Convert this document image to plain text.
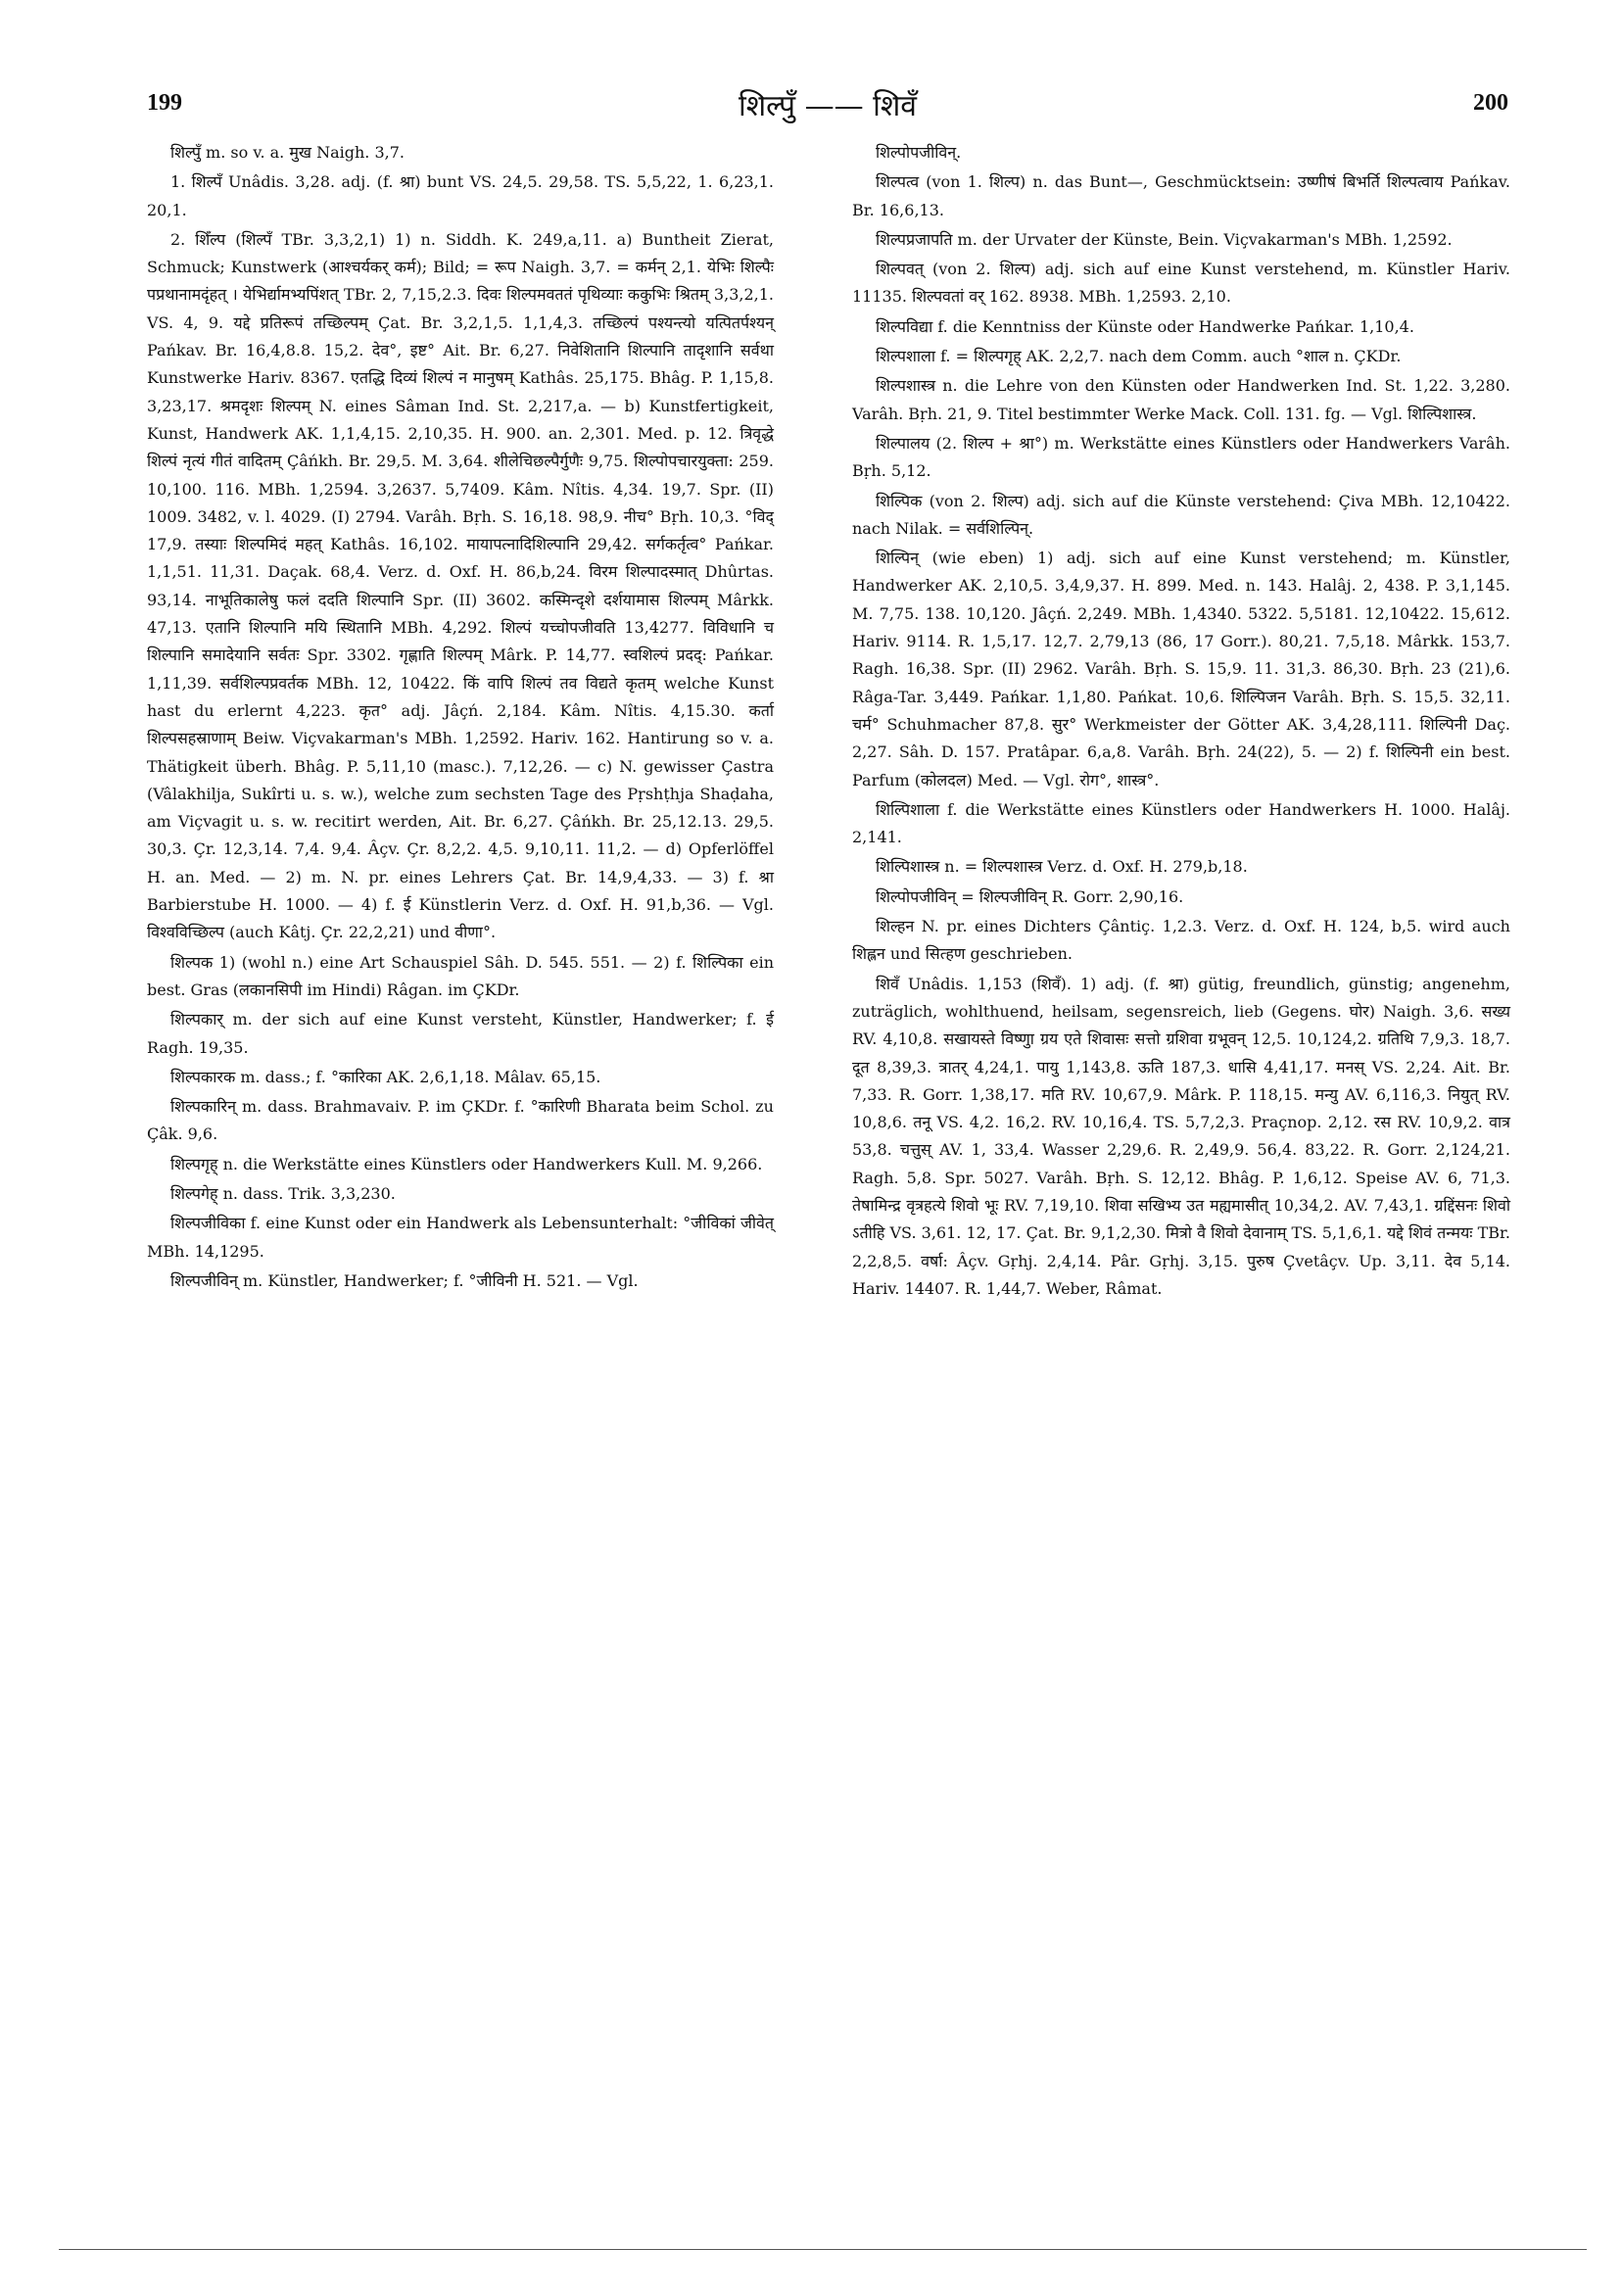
199	शिल्पुँ —— शिवँ	200

शिल्पुँ m. so v. a. मुख Naigh. 3,7.

1. शिल्पँ Unâdis. 3,28. adj. (f. श्रा) bunt VS. 24,5. 29,58. TS. 5,5,22, 1. 6,23,1. 20,1.

2. शिँल्प (शिल्पँ TBr. 3,3,2,1) 1) n. Siddh. K. 249,a,11. a) Buntheit Zierat, Schmuck; Kunstwerk (आश्चर्यकर् कर्म); Bild; = रूप Naigh. 3,7. = कर्मन् 2,1. येभिः शिल्पैः पप्रथानामदृंहत् । येभिर्द्यामभ्यपिंशत् TBr. 2, 7,15,2.3. दिवः शिल्पमवततं पृथिव्याः ककुभिः श्रितम् 3,3,2,1. VS. 4, 9. यद्दे प्रतिरूपं तच्छिल्पम् Çat. Br. 3,2,1,5. 1,1,4,3. तच्छिल्पं पश्यन्त्यो यत्पितर्पश्यन् Pańkav. Br. 16,4,8.8. 15,2. देव°, इष्ट° Ait. Br. 6,27. निवेशितानि शिल्पानि तादृशानि सर्वथा Kunstwerke Hariv. 8367. एतद्धि दिव्यं शिल्पं न मानुषम् Kathâs. 25,175. Bhâg. P. 1,15,8. 3,23,17. श्रमदृशः शिल्पम् N. eines Sâman Ind. St. 2,217,a. — b) Kunstfertigkeit, Kunst, Handwerk AK. 1,1,4,15. 2,10,35. H. 900. an. 2,301. Med. p. 12. त्रिवृद्धे शिल्पं नृत्यं गीतं वादितम् Çâńkh. Br. 29,5. M. 3,64. शीलेचिछल्पैर्गुणैः 9,75. शिल्पोपचारयुक्ता: 259. 10,100. 116. MBh. 1,2594. 3,2637. 5,7409. Kâm. Nîtis. 4,34. 19,7. Spr. (II) 1009. 3482, v. l. 4029. (I) 2794. Varâh. Bṛh. S. 16,18. 98,9. नीच° Bṛh. 10,3. °विद् 17,9. तस्याः शिल्पमिदं महत् Kathâs. 16,102. मायापत्नादिशिल्पानि 29,42. सर्गकर्तृत्व° Pańkar. 1,1,51. 11,31. Daçak. 68,4. Verz. d. Oxf. H. 86,b,24. विरम शिल्पादस्मात् Dhûrtas. 93,14. नाभूतिकालेषु फलं ददति शिल्पानि Spr. (II) 3602. कस्मिन्दृशे दर्शयामास शिल्पम् Mârkk. 47,13. एतानि शिल्पानि मयि स्थितानि MBh. 4,292. शिल्पं यच्चोपजीवति 13,4277. विविधानि च शिल्पानि समादेयानि सर्वतः Spr. 3302. गृह्णाति शिल्पम् Mârk. P. 14,77. स्वशिल्पं प्रदद्: Pańkar. 1,11,39. सर्वशिल्पप्रवर्तक MBh. 12, 10422. किं वापि शिल्पं तव विद्यते कृतम् welche Kunst hast du erlernt 4,223. कृत° adj. Jâçń. 2,184. Kâm. Nîtis. 4,15.30. कर्ता शिल्पसहस्राणाम् Beiw. Viçvakarman's MBh. 1,2592. Hariv. 162. Hantirung so v. a. Thätigkeit überh. Bhâg. P. 5,11,10 (masc.). 7,12,26. — c) N. gewisser Çastra (Vâlakhilja, Sukîrti u. s. w.), welche zum sechsten Tage des Pṛshṭhja Shaḍaha, am Viçvagit u. s. w. recitirt werden, Ait. Br. 6,27. Çâńkh. Br. 25,12.13. 29,5. 30,3. Çr. 12,3,14. 7,4. 9,4. Âçv. Çr. 8,2,2. 4,5. 9,10,11. 11,2. — d) Opferlöffel H. an. Med. — 2) m. N. pr. eines Lehrers Çat. Br. 14,9,4,33. — 3) f. श्रा Barbierstube H. 1000. — 4) f. ई Künstlerin Verz. d. Oxf. H. 91,b,36. — Vgl. विश्वविच्छिल्प (auch Kâtj. Çr. 22,2,21) und वीणा°.

शिल्पक 1) (wohl n.) eine Art Schauspiel Sâh. D. 545. 551. — 2) f. शिल्पिका ein best. Gras (लकानसिपी im Hindi) Râgan. im ÇKDr.

शिल्पकार् m. der sich auf eine Kunst versteht, Künstler, Handwerker; f. ई Ragh. 19,35.

शिल्पकारक m. dass.; f. °कारिका AK. 2,6,1,18. Mâlav. 65,15.

शिल्पकारिन् m. dass. Brahmavaiv. P. im ÇKDr. f. °कारिणी Bharata beim Schol. zu Çâk. 9,6.

शिल्पगृह् n. die Werkstätte eines Künstlers oder Handwerkers Kull. M. 9,266.

शिल्पगेह् n. dass. Trik. 3,3,230.

शिल्पजीविका f. eine Kunst oder ein Handwerk als Lebensunterhalt: °जीविकां जीवेत् MBh. 14,1295.

शिल्पजीविन् m. Künstler, Handwerker; f. °जीविनी H. 521. — Vgl.

शिल्पोपजीविन्.

शिल्पत्व (von 1. शिल्प) n. das Bunt—, Geschmücktsein: उष्णीषं बिभर्ति शिल्पत्वाय Pańkav. Br. 16,6,13.

शिल्पप्रजापति m. der Urvater der Künste, Bein. Viçvakarman's MBh. 1,2592.

शिल्पवत् (von 2. शिल्प) adj. sich auf eine Kunst verstehend, m. Künstler Hariv. 11135. शिल्पवतां वर् 162. 8938. MBh. 1,2593. 2,10.

शिल्पविद्या f. die Kenntniss der Künste oder Handwerke Pańkar. 1,10,4.

शिल्पशाला f. = शिल्पगृह् AK. 2,2,7. nach dem Comm. auch °शाल n. ÇKDr.

शिल्पशास्त्र n. die Lehre von den Künsten oder Handwerken Ind. St. 1,22. 3,280. Varâh. Bṛh. 21, 9. Titel bestimmter Werke Mack. Coll. 131. fg. — Vgl. शिल्पिशास्त्र.

शिल्पालय (2. शिल्प + श्रा°) m. Werkstätte eines Künstlers oder Handwerkers Varâh. Bṛh. 5,12.

शिल्पिक (von 2. शिल्प) adj. sich auf die Künste verstehend: Çiva MBh. 12,10422. nach Nilak. = सर्वशिल्पिन्.

शिल्पिन् (wie eben) 1) adj. sich auf eine Kunst verstehend; m. Künstler, Handwerker AK. 2,10,5. 3,4,9,37. H. 899. Med. n. 143. Halâj. 2, 438. P. 3,1,145. M. 7,75. 138. 10,120. Jâçń. 2,249. MBh. 1,4340. 5322. 5,5181. 12,10422. 15,612. Hariv. 9114. R. 1,5,17. 12,7. 2,79,13 (86, 17 Gorr.). 80,21. 7,5,18. Mârkk. 153,7. Ragh. 16,38. Spr. (II) 2962. Varâh. Bṛh. S. 15,9. 11. 31,3. 86,30. Bṛh. 23 (21),6. Râga-Tar. 3,449. Pańkar. 1,1,80. Pańkat. 10,6. शिल्पिजन Varâh. Bṛh. S. 15,5. 32,11. चर्म° Schuhmacher 87,8. सुर° Werkmeister der Götter AK. 3,4,28,111. शिल्पिनी Daç. 2,27. Sâh. D. 157. Pratâpar. 6,a,8. Varâh. Bṛh. 24(22), 5. — 2) f. शिल्पिनी ein best. Parfum (कोलदल) Med. — Vgl. रोग°, शास्त्र°.

शिल्पिशाला f. die Werkstätte eines Künstlers oder Handwerkers H. 1000. Halâj. 2,141.

शिल्पिशास्त्र n. = शिल्पशास्त्र Verz. d. Oxf. H. 279,b,18.

शिल्पोपजीविन् = शिल्पजीविन् R. Gorr. 2,90,16.

शिल्हन N. pr. eines Dichters Çântiç. 1,2.3. Verz. d. Oxf. H. 124, b,5. wird auch शिह्लन und सित्हण geschrieben.

शिवँ Unâdis. 1,153 (शिवँ). 1) adj. (f. श्रा) gütig, freundlich, günstig; angenehm, zuträglich, wohlthuend, heilsam, segensreich, lieb (Gegens. घोर) Naigh. 3,6. सख्य RV. 4,10,8. सखायस्ते विष्णुा ग्रय एते शिवासः सत्तो ग्रशिवा ग्रभूवन् 12,5. 10,124,2. ग्रतिथि 7,9,3. 18,7. दूत 8,39,3. त्रातर् 4,24,1. पायु 1,143,8. ऊति 187,3. धासि 4,41,17. मनस् VS. 2,24. Ait. Br. 7,33. R. Gorr. 1,38,17. मति RV. 10,67,9. Mârk. P. 118,15. मन्यु AV. 6,116,3. नियुत् RV. 10,8,6. तनू VS. 4,2. 16,2. RV. 10,16,4. TS. 5,7,2,3. Praçnop. 2,12. रस RV. 10,9,2. वात्र 53,8. चत्तुस् AV. 1, 33,4. Wasser 2,29,6. R. 2,49,9. 56,4. 83,22. R. Gorr. 2,124,21. Ragh. 5,8. Spr. 5027. Varâh. Bṛh. S. 12,12. Bhâg. P. 1,6,12. Speise AV. 6, 71,3. तेषामिन्द्र वृत्रहत्ये शिवो भूः RV. 7,19,10. शिवा सखिभ्य उत मह्यमासीत् 10,34,2. AV. 7,43,1. ग्रद्दिंसनः शिवो ऽतीहि VS. 3,61. 12, 17. Çat. Br. 9,1,2,30. मित्रो वै शिवो देवानाम् TS. 5,1,6,1. यद्दे शिवं तन्मयः TBr. 2,2,8,5. वर्षा: Âçv. Gṛhj. 2,4,14. Pâr. Gṛhj. 3,15. पुरुष Çvetâçv. Up. 3,11. देव 5,14. Hariv. 14407. R. 1,44,7. Weber, Râmat.
